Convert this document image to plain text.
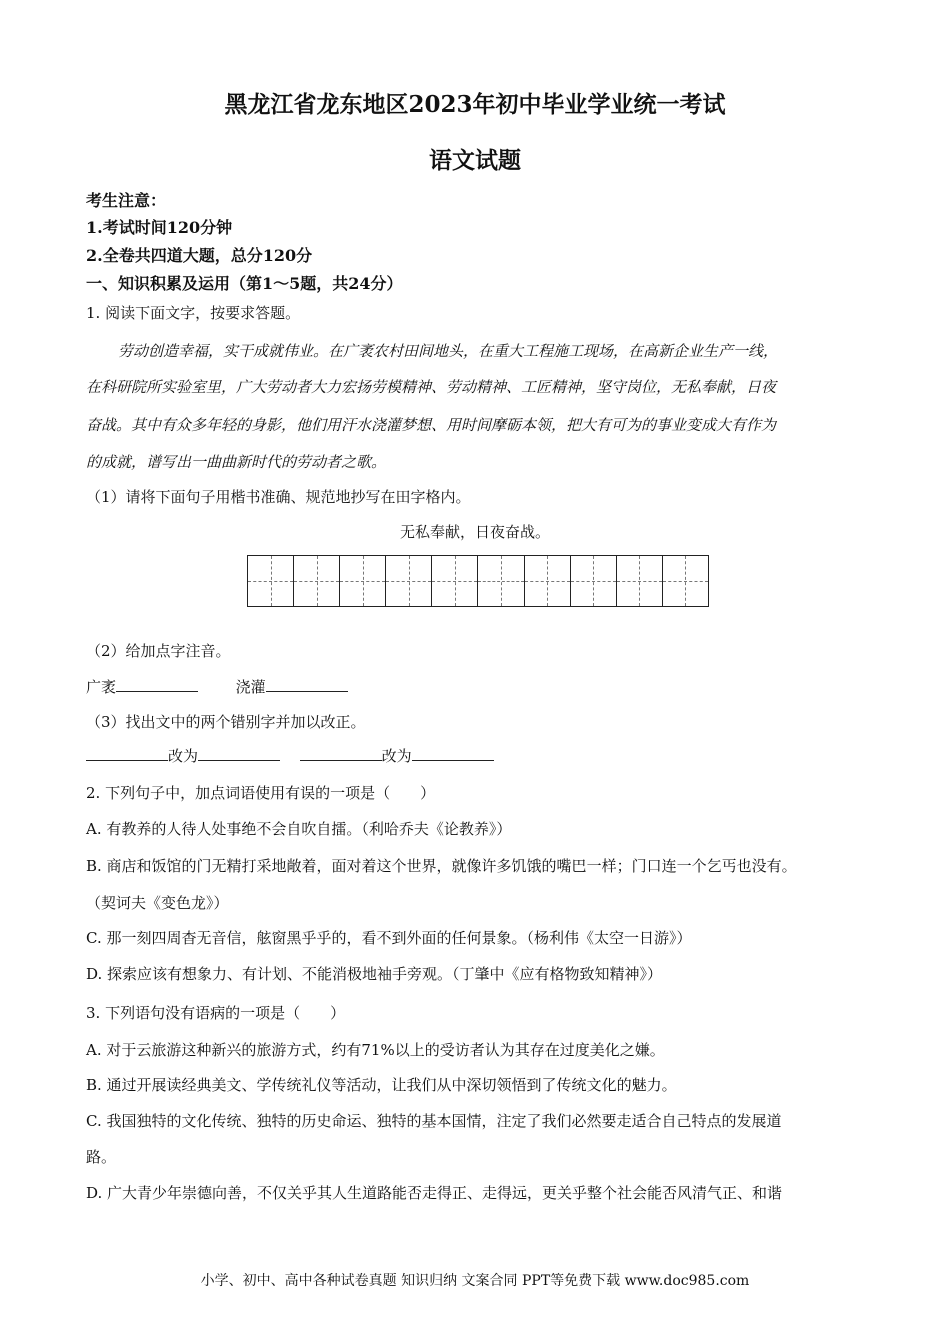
黑龙江省龙东地区2023年初中毕业学业统一考试
语文试题
考生注意：
1.考试时间120分钟
2.全卷共四道大题，总分120分
一、知识积累及运用（第1～5题，共24分）
1. 阅读下面文字，按要求答题。
劳动创造幸福，实干成就伟业。在广袤农村田间地头，在重大工程施工现场，在高新企业生产一线，
在科研院所实验室里，广大劳动者大力宏扬劳模精神、劳动精神、工匠精神，坚守岗位，无私奉献，日夜
奋战。其中有众多年轻的身影，他们用汗水浇灌梦想、用时间摩砺本领，把大有可为的事业变成大有作为
的成就，谱写出一曲曲新时代的劳动者之歌。
（1）请将下面句子用楷书准确、规范地抄写在田字格内。
无私奉献，日夜奋战。
（2）给加点字注音。
广袤	浇灌
（3）找出文中的两个错别字并加以改正。
改为	改为
2. 下列句子中，加点词语使用有误的一项是（　　）
A. 有教养的人待人处事绝不会自吹自擂。（利哈乔夫《论教养》）
B. 商店和饭馆的门无精打采地敞着，面对着这个世界，就像许多饥饿的嘴巴一样；门口连一个乞丐也没有。
（契诃夫《变色龙》）
C. 那一刻四周杳无音信，舷窗黑乎乎的，看不到外面的任何景象。（杨利伟《太空一日游》）
D. 探索应该有想象力、有计划、不能消极地袖手旁观。（丁肇中《应有格物致知精神》）
3. 下列语句没有语病的一项是（　　）
A. 对于云旅游这种新兴的旅游方式，约有71%以上的受访者认为其存在过度美化之嫌。
B. 通过开展读经典美文、学传统礼仪等活动，让我们从中深切领悟到了传统文化的魅力。
C. 我国独特的文化传统、独特的历史命运、独特的基本国情，注定了我们必然要走适合自己特点的发展道
路。
D. 广大青少年崇德向善，不仅关乎其人生道路能否走得正、走得远，更关乎整个社会能否风清气正、和谐
小学、初中、高中各种试卷真题 知识归纳 文案合同 PPT等免费下载 www.doc985.com
